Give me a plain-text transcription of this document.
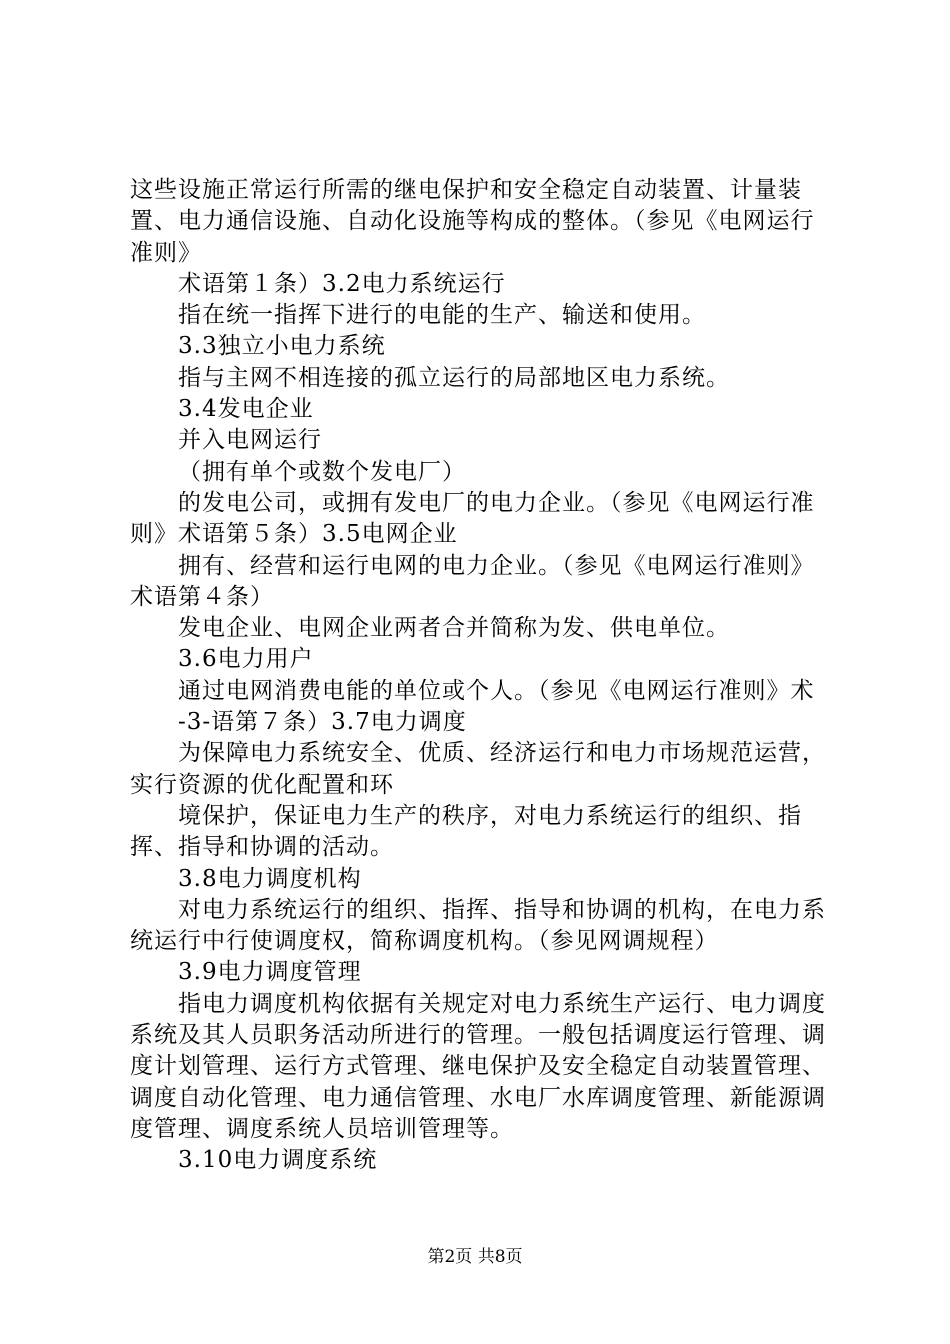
这些设施正常运行所需的继电保护和安全稳定自动装置、计量装置、电力通信设施、自动化设施等构成的整体。（参见《电网运行准则》

术语第１条）3.2电力系统运行

指在统一指挥下进行的电能的生产、输送和使用。

3.3独立小电力系统

指与主网不相连接的孤立运行的局部地区电力系统。

3.4发电企业

并入电网运行

（拥有单个或数个发电厂）

的发电公司，或拥有发电厂的电力企业。（参见《电网运行准则》术语第５条）3.5电网企业

拥有、经营和运行电网的电力企业。（参见《电网运行准则》术语第４条）

发电企业、电网企业两者合并简称为发、供电单位。

3.6电力用户

通过电网消费电能的单位或个人。（参见《电网运行准则》术

-3-语第７条）3.7电力调度

为保障电力系统安全、优质、经济运行和电力市场规范运营，实行资源的优化配置和环

境保护，保证电力生产的秩序，对电力系统运行的组织、指挥、指导和协调的活动。

3.8电力调度机构

对电力系统运行的组织、指挥、指导和协调的机构，在电力系统运行中行使调度权，简称调度机构。（参见网调规程）

3.9电力调度管理

指电力调度机构依据有关规定对电力系统生产运行、电力调度系统及其人员职务活动所进行的管理。一般包括调度运行管理、调度计划管理、运行方式管理、继电保护及安全稳定自动装置管理、调度自动化管理、电力通信管理、水电厂水库调度管理、新能源调度管理、调度系统人员培训管理等。

3.10电力调度系统

第2页 共8页
